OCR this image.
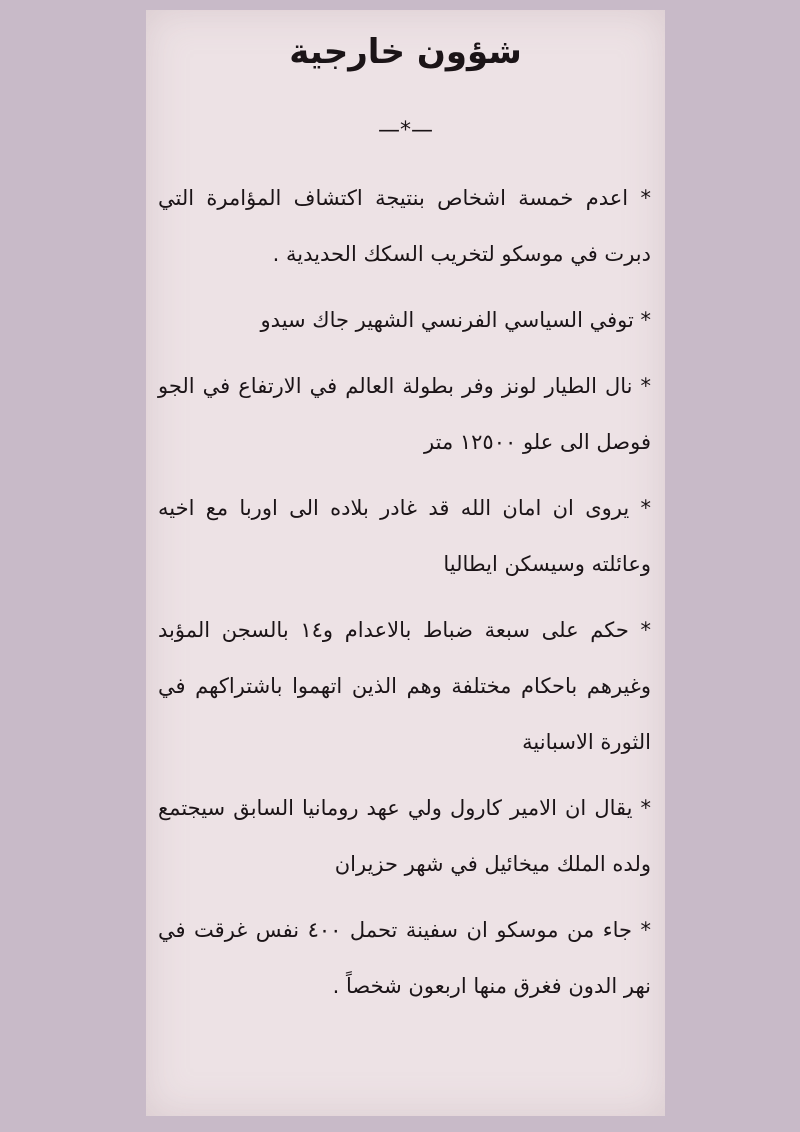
شؤون خارجية
—*—

* اعدم خمسة اشخاص بنتيجة اكتشاف المؤامرة التي دبرت في موسكو لتخريب السكك الحديدية .

* توفي السياسي الفرنسي الشهير جاك سيدو

* نال الطيار لونز وفر بطولة العالم في الارتفاع في الجو فوصل الى علو ١٢٥٠٠ متر

* يروى ان امان الله قد غادر بلاده الى اوربا مع اخيه وعائلته وسيسكن ايطاليا

* حكم على سبعة ضباط بالاعدام و١٤ بالسجن المؤبد وغيرهم باحكام مختلفة وهم الذين اتهموا باشتراكهم في الثورة الاسبانية

* يقال ان الامير كارول ولي عهد رومانيا السابق سيجتمع ولده الملك ميخائيل في شهر حزيران

* جاء من موسكو ان سفينة تحمل ٤٠٠ نفس غرقت في نهر الدون فغرق منها اربعون شخصاً .
